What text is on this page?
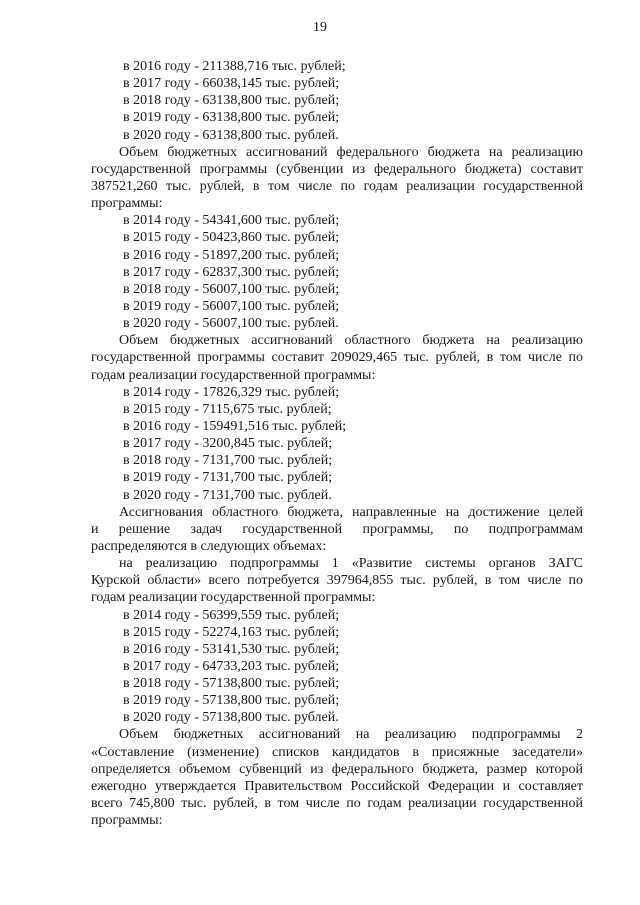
19
в 2016 году - 211388,716 тыс. рублей;
в 2017 году - 66038,145 тыс. рублей;
в 2018 году - 63138,800 тыс. рублей;
в 2019 году - 63138,800 тыс. рублей;
в 2020 году - 63138,800 тыс. рублей.
Объем бюджетных ассигнований федерального бюджета на реализацию
государственной программы (субвенции из федерального бюджета) составит
387521,260 тыс. рублей, в том числе по годам реализации государственной
программы:
в 2014 году - 54341,600 тыс. рублей;
в 2015 году - 50423,860 тыс. рублей;
в 2016 году - 51897,200 тыс. рублей;
в 2017 году - 62837,300 тыс. рублей;
в 2018 году - 56007,100 тыс. рублей;
в 2019 году - 56007,100 тыс. рублей;
в 2020 году - 56007,100 тыс. рублей.
Объем бюджетных ассигнований областного бюджета на реализацию
государственной программы составит 209029,465 тыс. рублей, в том числе по
годам реализации государственной программы:
в 2014 году - 17826,329 тыс. рублей;
в 2015 году - 7115,675 тыс. рублей;
в 2016 году - 159491,516 тыс. рублей;
в 2017 году - 3200,845 тыс. рублей;
в 2018 году - 7131,700 тыс. рублей;
в 2019 году - 7131,700 тыс. рублей;
в 2020 году - 7131,700 тыс. рублей.
Ассигнования областного бюджета, направленные на достижение целей
и решение задач государственной программы, по подпрограммам
распределяются в следующих объемах:
на реализацию подпрограммы 1 «Развитие системы органов ЗАГС
Курской области» всего потребуется 397964,855 тыс. рублей, в том числе по
годам реализации государственной программы:
в 2014 году - 56399,559 тыс. рублей;
в 2015 году - 52274,163 тыс. рублей;
в 2016 году - 53141,530 тыс. рублей;
в 2017 году - 64733,203 тыс. рублей;
в 2018 году - 57138,800 тыс. рублей;
в 2019 году - 57138,800 тыс. рублей;
в 2020 году - 57138,800 тыс. рублей.
Объем бюджетных ассигнований на реализацию подпрограммы 2
«Составление (изменение) списков кандидатов в присяжные заседатели»
определяется объемом субвенций из федерального бюджета, размер которой
ежегодно утверждается Правительством Российской Федерации и составляет
всего 745,800 тыс. рублей, в том числе по годам реализации государственной
программы:
